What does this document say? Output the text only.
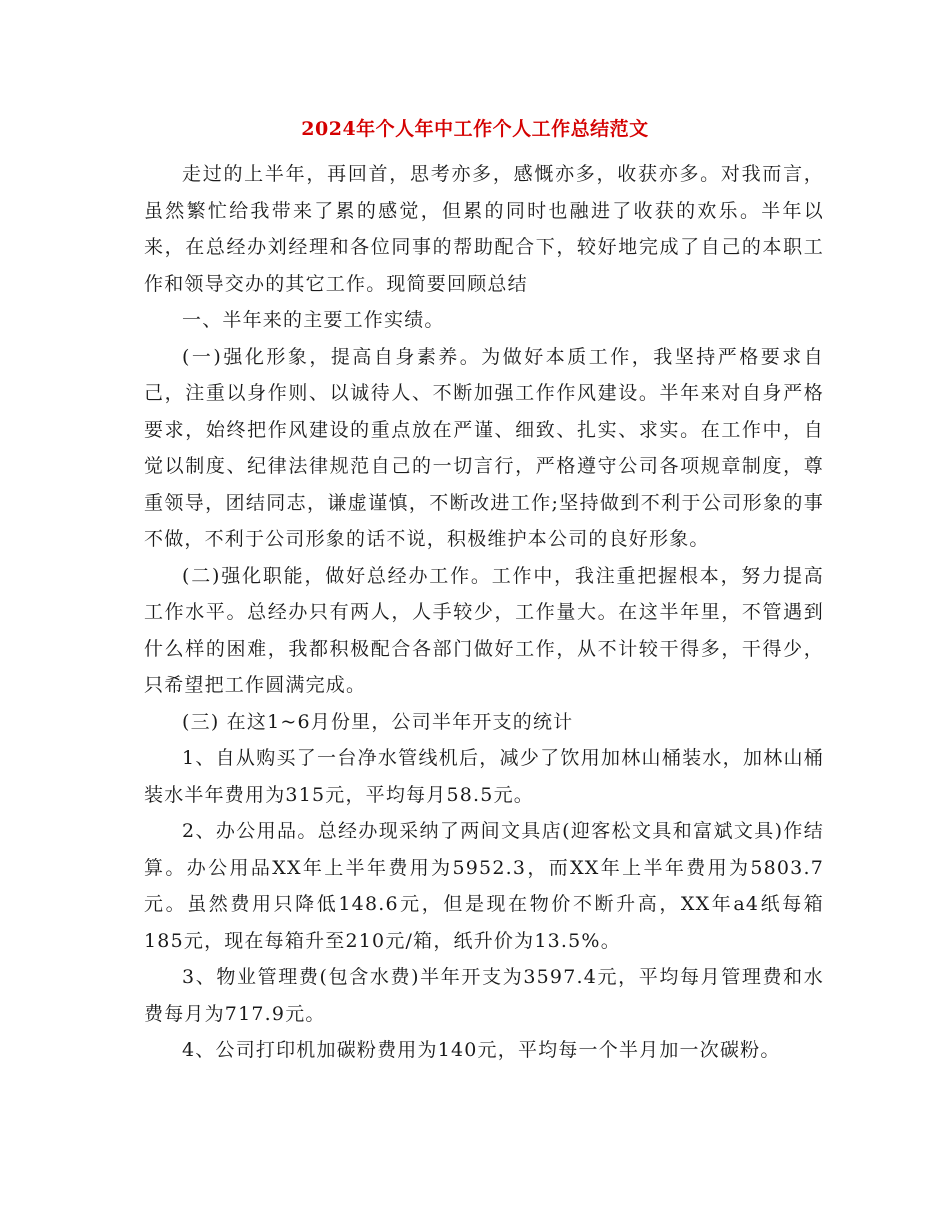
2024年个人年中工作个人工作总结范文

走过的上半年，再回首，思考亦多，感慨亦多，收获亦多。对我而言，虽然繁忙给我带来了累的感觉，但累的同时也融进了收获的欢乐。半年以来，在总经办刘经理和各位同事的帮助配合下，较好地完成了自己的本职工作和领导交办的其它工作。现简要回顾总结

一、半年来的主要工作实绩。

(一)强化形象，提高自身素养。为做好本质工作，我坚持严格要求自己，注重以身作则、以诚待人、不断加强工作作风建设。半年来对自身严格要求，始终把作风建设的重点放在严谨、细致、扎实、求实。在工作中，自觉以制度、纪律法律规范自己的一切言行，严格遵守公司各项规章制度，尊重领导，团结同志，谦虚谨慎，不断改进工作;坚持做到不利于公司形象的事不做，不利于公司形象的话不说，积极维护本公司的良好形象。

(二)强化职能，做好总经办工作。工作中，我注重把握根本，努力提高工作水平。总经办只有两人，人手较少，工作量大。在这半年里，不管遇到什么样的困难，我都积极配合各部门做好工作，从不计较干得多，干得少，只希望把工作圆满完成。

(三) 在这1~6月份里，公司半年开支的统计

1、自从购买了一台净水管线机后，减少了饮用加林山桶装水，加林山桶装水半年费用为315元，平均每月58.5元。

2、办公用品。总经办现采纳了两间文具店(迎客松文具和富斌文具)作结算。办公用品XX年上半年费用为5952.3，而XX年上半年费用为5803.7元。虽然费用只降低148.6元，但是现在物价不断升高，XX年a4纸每箱185元，现在每箱升至210元/箱，纸升价为13.5%。

3、物业管理费(包含水费)半年开支为3597.4元，平均每月管理费和水费每月为717.9元。

4、公司打印机加碳粉费用为140元，平均每一个半月加一次碳粉。
